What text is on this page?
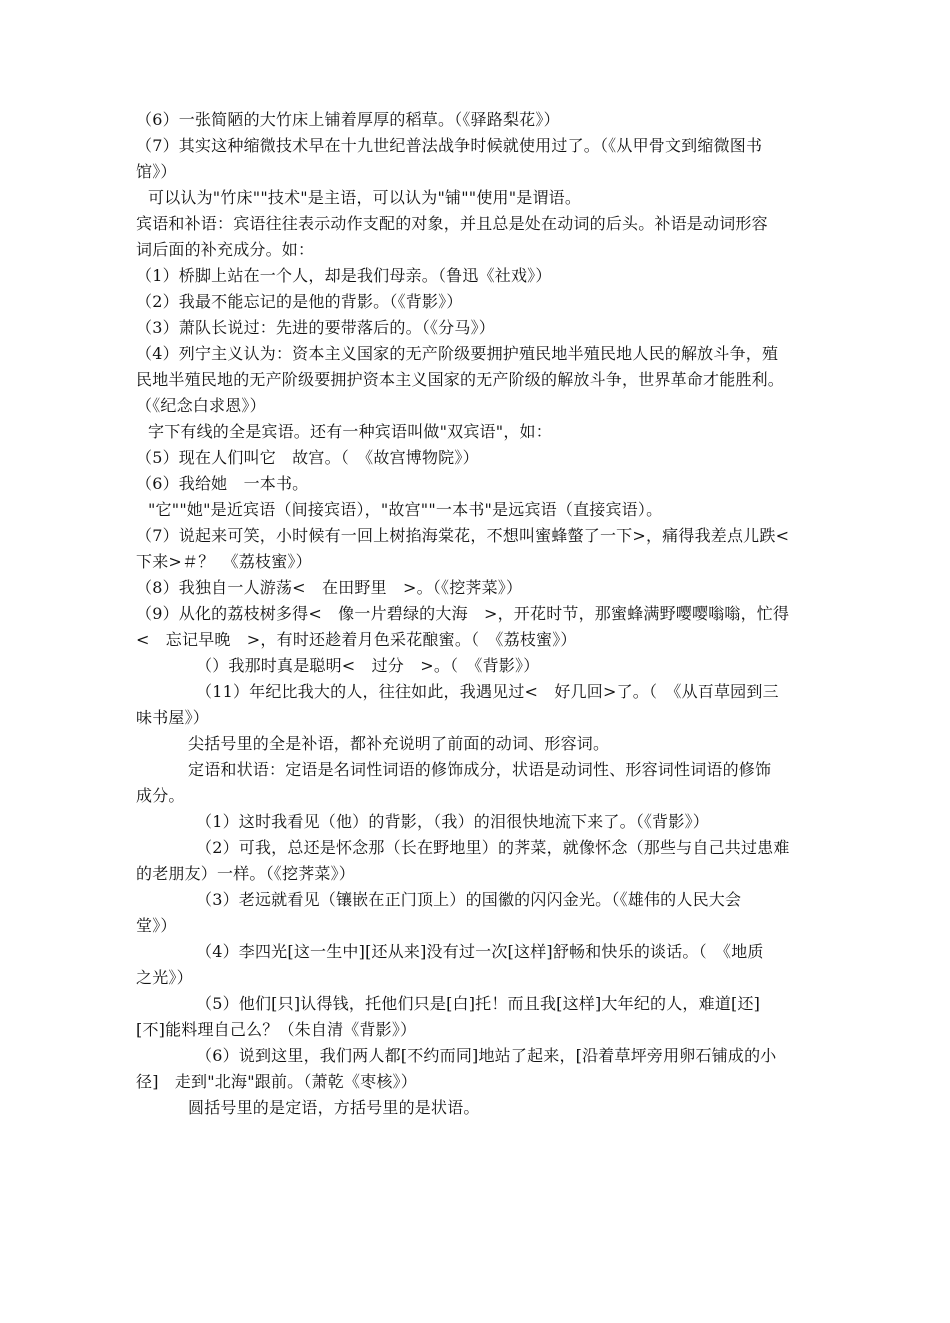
（6）一张简陋的大竹床上铺着厚厚的稻草。（《驿路梨花》）
（7）其实这种缩微技术早在十九世纪普法战争时候就使用过了。（《从甲骨文到缩微图书
馆》）
可以认为"竹床""技术"是主语，可以认为"铺""使用"是谓语。
宾语和补语：宾语往往表示动作支配的对象，并且总是处在动词的后头。补语是动词形容
词后面的补充成分。如：
（1）桥脚上站在一个人，却是我们母亲。（鲁迅《社戏》）
（2）我最不能忘记的是他的背影。（《背影》）
（3）萧队长说过：先进的要带落后的。（《分马》）
（4）列宁主义认为：资本主义国家的无产阶级要拥护殖民地半殖民地人民的解放斗争，殖
民地半殖民地的无产阶级要拥护资本主义国家的无产阶级的解放斗争，世界革命才能胜利。
（《纪念白求恩》）
字下有线的全是宾语。还有一种宾语叫做"双宾语"，如：
（5）现在人们叫它　故宫。（　《故宫博物院》）
（6）我给她　一本书。
"它""她"是近宾语（间接宾语），"故宫""一本书"是远宾语（直接宾语）。
（7）说起来可笑，小时候有一回上树掐海棠花，不想叫蜜蜂螫了一下>，痛得我差点儿跌<
下来>＃？　《荔枝蜜》）
（8）我独自一人游荡<　在田野里　>。（《挖荠菜》）
（9）从化的荔枝树多得<　像一片碧绿的大海　>，开花时节，那蜜蜂满野嘤嘤嗡嗡，忙得
<　忘记早晚　>，有时还趁着月色采花酿蜜。（　《荔枝蜜》）
（）我那时真是聪明<　过分　>。（　《背影》）
（11）年纪比我大的人，往往如此，我遇见过<　好几回>了。（　《从百草园到三
味书屋》）
尖括号里的全是补语，都补充说明了前面的动词、形容词。
定语和状语：定语是名词性词语的修饰成分，状语是动词性、形容词性词语的修饰
成分。
（1）这时我看见（他）的背影，（我）的泪很快地流下来了。（《背影》）
（2）可我，总还是怀念那（长在野地里）的荠菜，就像怀念（那些与自己共过患难
的老朋友）一样。（《挖荠菜》）
（3）老远就看见（镶嵌在正门顶上）的国徽的闪闪金光。（《雄伟的人民大会
堂》）
（4）李四光[这一生中][还从来]没有过一次[这样]舒畅和快乐的谈话。（　《地质
之光》）
（5）他们[只]认得钱，托他们只是[白]托！而且我[这样]大年纪的人，难道[还]
[不]能料理自己么？（朱自清《背影》）
（6）说到这里，我们两人都[不约而同]地站了起来，[沿着草坪旁用卵石铺成的小
径]　走到"北海"跟前。（萧乾《枣核》）
圆括号里的是定语，方括号里的是状语。
